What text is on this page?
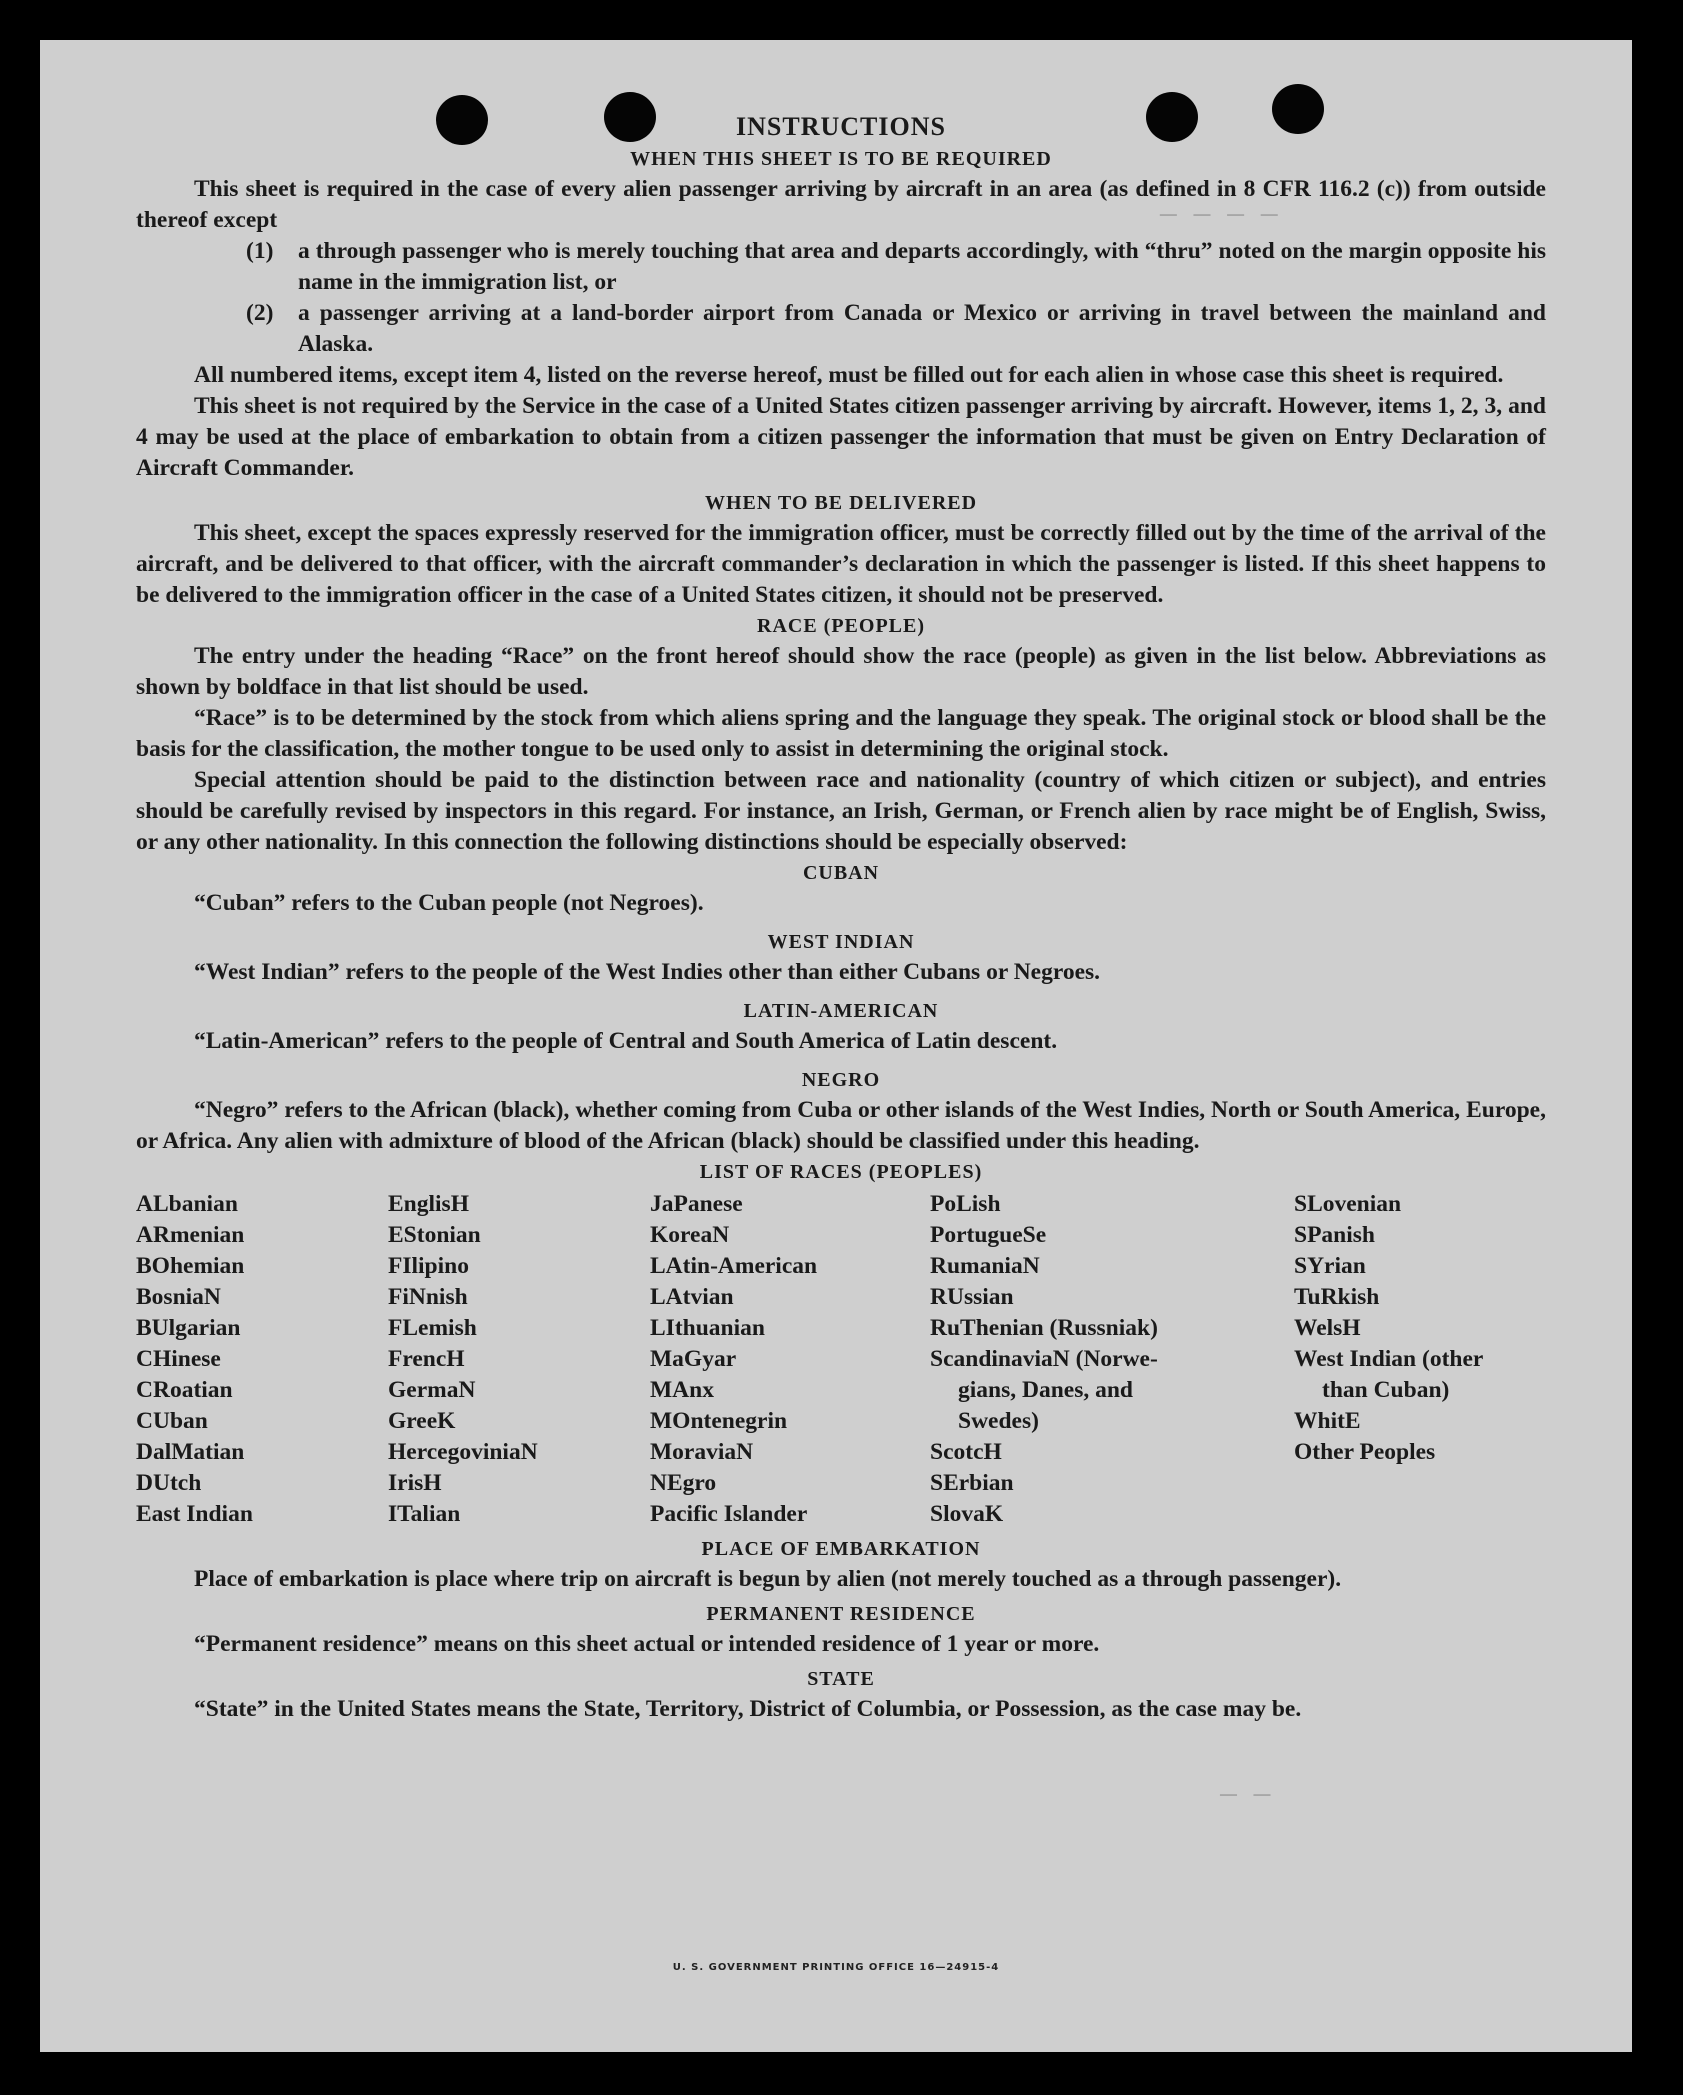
— — — —
— —
INSTRUCTIONS
WHEN THIS SHEET IS TO BE REQUIRED

This sheet is required in the case of every alien passenger arriving by aircraft in an area (as defined in 8 CFR 116.2 (c)) from outside thereof except

(1)	a through passenger who is merely touching that area and departs accordingly, with “thru” noted on the margin opposite his name in the immigration list, or
(2)	a passenger arriving at a land-border airport from Canada or Mexico or arriving in travel between the mainland and Alaska.

All numbered items, except item 4, listed on the reverse hereof, must be filled out for each alien in whose case this sheet is required.

This sheet is not required by the Service in the case of a United States citizen passenger arriving by aircraft. However, items 1, 2, 3, and 4 may be used at the place of embarkation to obtain from a citizen passenger the information that must be given on Entry Declaration of Aircraft Commander.

WHEN TO BE DELIVERED

This sheet, except the spaces expressly reserved for the immigration officer, must be correctly filled out by the time of the arrival of the aircraft, and be delivered to that officer, with the aircraft commander’s declaration in which the passenger is listed. If this sheet happens to be delivered to the immigration officer in the case of a United States citizen, it should not be preserved.

RACE (PEOPLE)

The entry under the heading “Race” on the front hereof should show the race (people) as given in the list below. Abbreviations as shown by boldface in that list should be used.

“Race” is to be determined by the stock from which aliens spring and the language they speak. The original stock or blood shall be the basis for the classification, the mother tongue to be used only to assist in determining the original stock.

Special attention should be paid to the distinction between race and nationality (country of which citizen or subject), and entries should be carefully revised by inspectors in this regard. For instance, an Irish, German, or French alien by race might be of English, Swiss, or any other nationality. In this connection the following distinctions should be especially observed:

CUBAN

“Cuban” refers to the Cuban people (not Negroes).

WEST INDIAN

“West Indian” refers to the people of the West Indies other than either Cubans or Negroes.

LATIN-AMERICAN

“Latin-American” refers to the people of Central and South America of Latin descent.

NEGRO

“Negro” refers to the African (black), whether coming from Cuba or other islands of the West Indies, North or South America, Europe, or Africa. Any alien with admixture of blood of the African (black) should be classified under this heading.

LIST OF RACES (PEOPLES)
ALbanian
ARmenian
BOhemian
BosniaN
BUlgarian
CHinese
CRoatian
CUban
DalMatian
DUtch
East Indian
EnglisH
EStonian
FIlipino
FiNnish
FLemish
FrencH
GermaN
GreeK
HercegoviniaN
IrisH
ITalian
JaPanese
KoreaN
LAtin-American
LAtvian
LIthuanian
MaGyar
MAnx
MOntenegrin
MoraviaN
NEgro
Pacific Islander
PoLish
PortugueSe
RumaniaN
RUssian
RuThenian (Russniak)
ScandinaviaN (Norwe-
gians, Danes, and
Swedes)
ScotcH
SErbian
SlovaK
SLovenian
SPanish
SYrian
TuRkish
WelsH
West Indian (other
than Cuban)
WhitE
Other Peoples
PLACE OF EMBARKATION

Place of embarkation is place where trip on aircraft is begun by alien (not merely touched as a through passenger).

PERMANENT RESIDENCE

“Permanent residence” means on this sheet actual or intended residence of 1 year or more.

STATE

“State” in the United States means the State, Territory, District of Columbia, or Possession, as the case may be.

U. S. GOVERNMENT PRINTING OFFICE 16—24915-4
